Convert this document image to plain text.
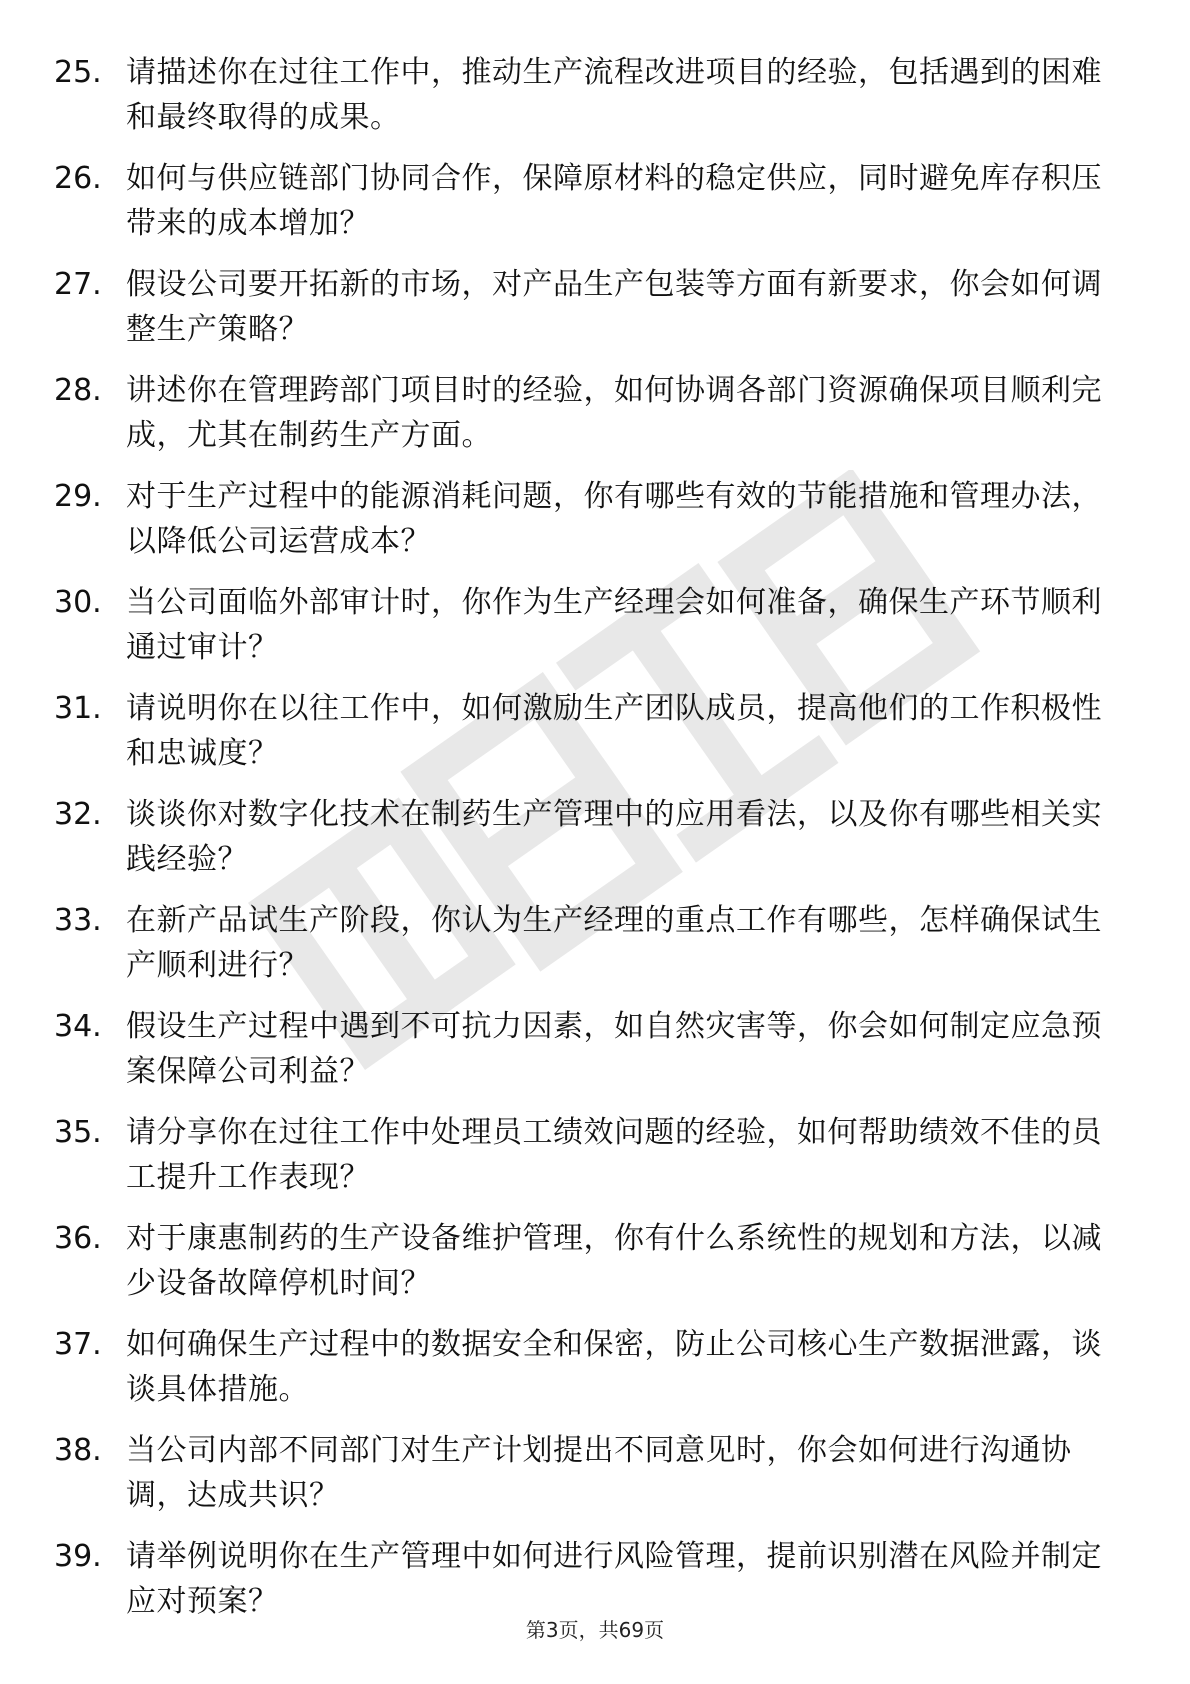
25. 请描述你在过往工作中，推动生产流程改进项目的经验，包括遇到的困难和最终取得的成果。
26. 如何与供应链部门协同合作，保障原材料的稳定供应，同时避免库存积压带来的成本增加？
27. 假设公司要开拓新的市场，对产品生产包装等方面有新要求，你会如何调整生产策略？
28. 讲述你在管理跨部门项目时的经验，如何协调各部门资源确保项目顺利完成，尤其在制药生产方面。
29. 对于生产过程中的能源消耗问题，你有哪些有效的节能措施和管理办法，以降低公司运营成本？
30. 当公司面临外部审计时，你作为生产经理会如何准备，确保生产环节顺利通过审计？
31. 请说明你在以往工作中，如何激励生产团队成员，提高他们的工作积极性和忠诚度？
32. 谈谈你对数字化技术在制药生产管理中的应用看法，以及你有哪些相关实践经验？
33. 在新产品试生产阶段，你认为生产经理的重点工作有哪些，怎样确保试生产顺利进行？
34. 假设生产过程中遇到不可抗力因素，如自然灾害等，你会如何制定应急预案保障公司利益？
35. 请分享你在过往工作中处理员工绩效问题的经验，如何帮助绩效不佳的员工提升工作表现？
36. 对于康惠制药的生产设备维护管理，你有什么系统性的规划和方法，以减少设备故障停机时间？
37. 如何确保生产过程中的数据安全和保密，防止公司核心生产数据泄露，谈谈具体措施。
38. 当公司内部不同部门对生产计划提出不同意见时，你会如何进行沟通协调，达成共识？
39. 请举例说明你在生产管理中如何进行风险管理，提前识别潜在风险并制定应对预案？
第3页，共69页
